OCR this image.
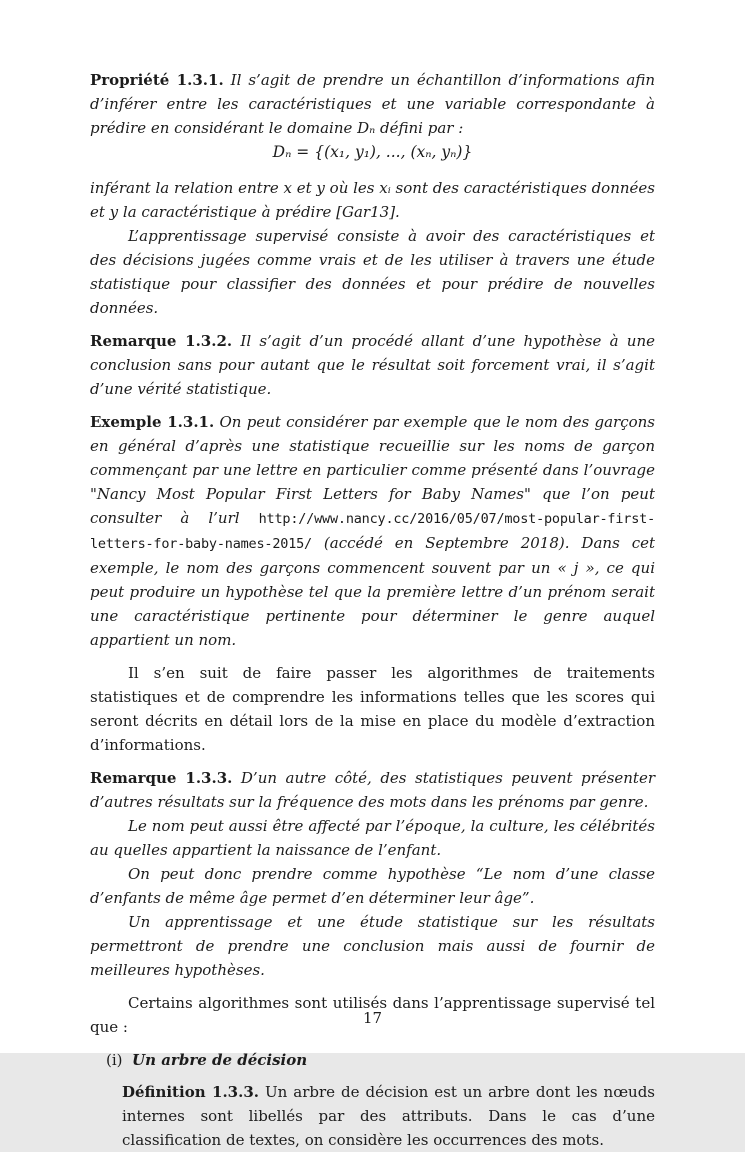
Propriété 1.3.1. Il s’agit de prendre un échantillon d’informations afin d’inférer entre les caractéristiques et une variable correspondante à prédire en considérant le domaine Dₙ défini par :

Dₙ = {(x₁, y₁), ..., (xₙ, yₙ)}

inférant la relation entre x et y où les xᵢ sont des caractéristiques données et y la caractéristique à prédire [Gar13].

L’apprentissage supervisé consiste à avoir des caractéristiques et des décisions jugées comme vrais et de les utiliser à travers une étude statistique pour classifier des données et pour prédire de nouvelles données.

Remarque 1.3.2. Il s’agit d’un procédé allant d’une hypothèse à une conclusion sans pour autant que le résultat soit forcement vrai, il s’agit d’une vérité statistique.

Exemple 1.3.1. On peut considérer par exemple que le nom des garçons en général d’après une statistique recueillie sur les noms de garçon commençant par une lettre en particulier comme présenté dans l’ouvrage "Nancy Most Popular First Letters for Baby Names" que l’on peut consulter à l’url http://www.nancy.cc/2016/05/07/most-popular-first-letters-for-baby-names-2015/ (accédé en Septembre 2018). Dans cet exemple, le nom des garçons commencent souvent par un « j », ce qui peut produire un hypothèse tel que la première lettre d’un prénom serait une caractéristique pertinente pour déterminer le genre auquel appartient un nom.

Il s’en suit de faire passer les algorithmes de traitements statistiques et de comprendre les informations telles que les scores qui seront décrits en détail lors de la mise en place du modèle d’extraction d’informations.

Remarque 1.3.3. D’un autre côté, des statistiques peuvent présenter d’autres résultats sur la fréquence des mots dans les prénoms par genre.

Le nom peut aussi être affecté par l’époque, la culture, les célébrités au quelles appartient la naissance de l’enfant.

On peut donc prendre comme hypothèse “Le nom d’une classe d’enfants de même âge permet d’en déterminer leur âge”.

Un apprentissage et une étude statistique sur les résultats permettront de prendre une conclusion mais aussi de fournir de meilleures hypothèses.

Certains algorithmes sont utilisés dans l’apprentissage supervisé tel que :

(i) Un arbre de décision

Définition 1.3.3. Un arbre de décision est un arbre dont les nœuds internes sont libellés par des attributs. Dans le cas d’une classification de textes, on considère les occurrences des mots.

17
